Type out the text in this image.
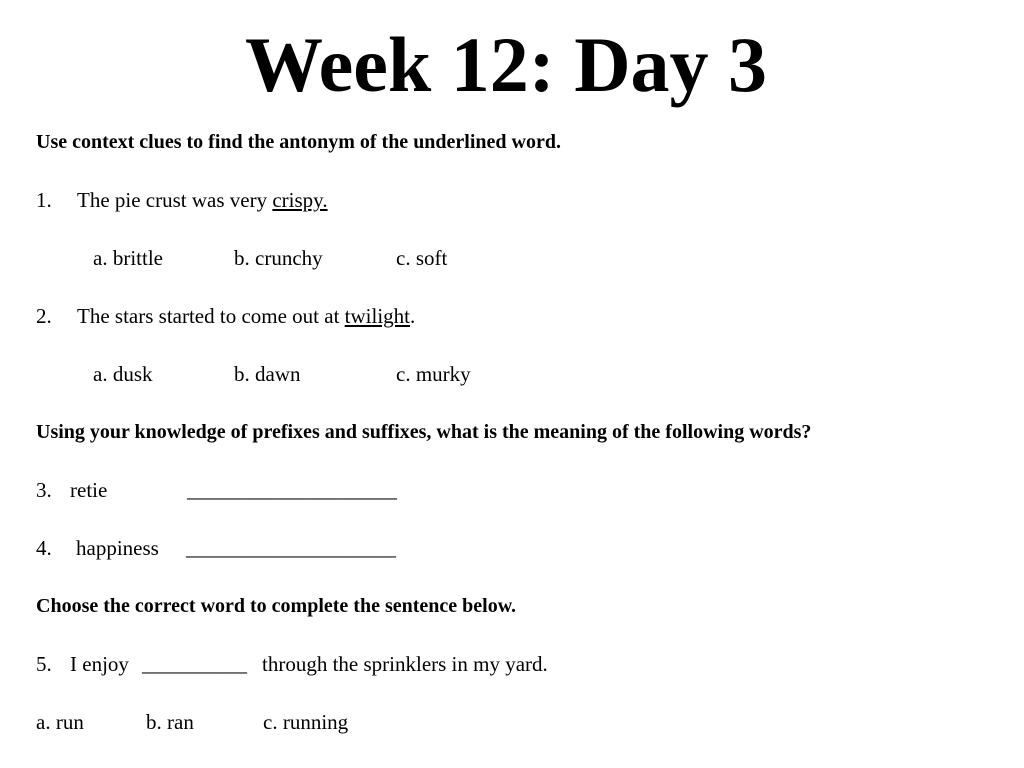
Week 12: Day 3
Use context clues to find the antonym of the underlined word.
1. The pie crust was very crispy.
a. brittle	b. crunchy	c. soft
2. The stars started to come out at twilight.
a. dusk	b. dawn	c. murky
Using your knowledge of prefixes and suffixes, what is the meaning of the following words?
3. retie	____________________
4. happiness ____________________
Choose the correct word to complete the sentence below.
5. I enjoy __________ through the sprinklers in my yard.
a. run	b. ran	c. running
